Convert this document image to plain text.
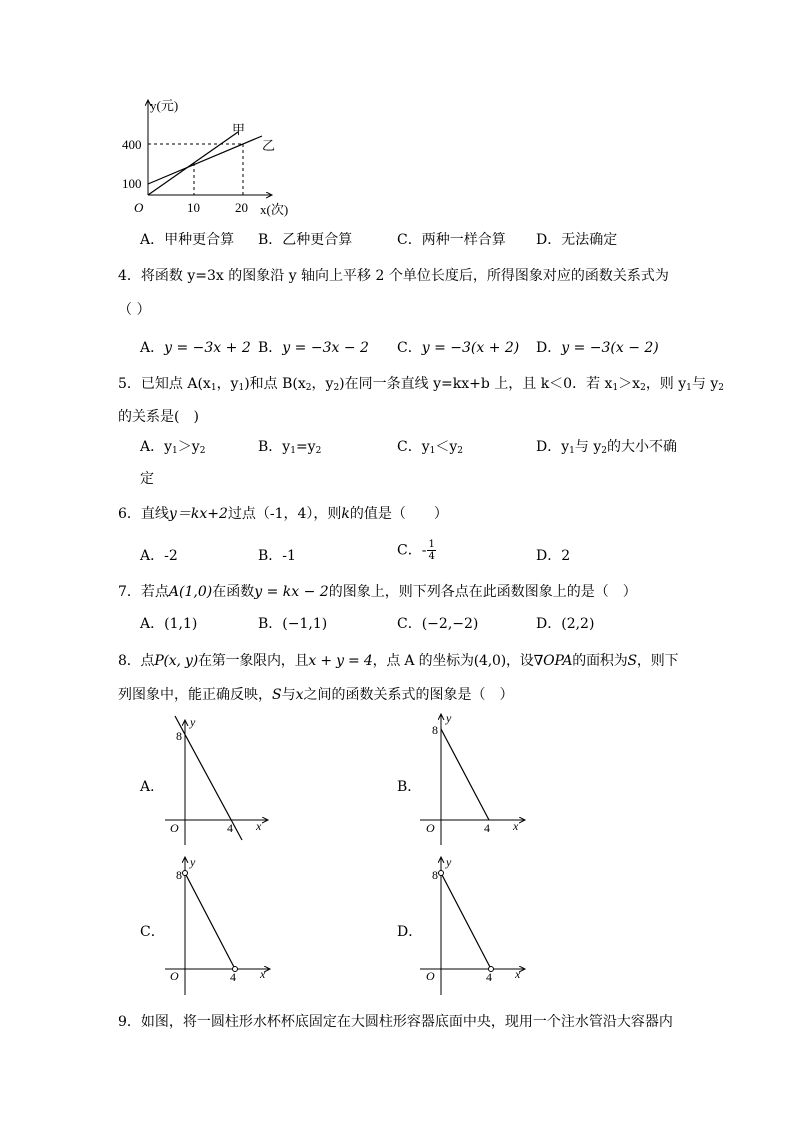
y(元)
甲
乙
400
100
O	10	20 x(次)
A．甲种更合算 B．乙种更合算	C．两种一样合算 D．无法确定
4．将函数 y=3x 的图象沿 y 轴向上平移 2 个单位长度后，所得图象对应的函数关系式为
（ ）
A．y = −3x + 2 B．y = −3x − 2 C．y = −3(x + 2) D．y = −3(x − 2)
5．已知点 $A(x_1$，$y_1$)和点 $B(x_2$，$y_2$)在同一条直线 y=kx+b 上，且 k＜0．若 $x_1>x_2$，则 $y_1$与 $y_2$
的关系是(　)
A．$y_1>y_2$	B．$y_1=y_2$	C．$y_1<y_2$	D．$y_1$与 $y_2$的大小不确
定
6．直线y＝kx+2过点（-1，4），则k的值是（　　）
A．-2	B．-1	C．- $\frac{1}{4}$	D．2
7．若点A(1,0)在函数y = kx − 2的图象上，则下列各点在此函数图象上的是（　）
A．(1,1)	B．(−1,1)	C．(−2,−2)	D．(2,2)
8．点P(x, y)在第一象限内，且x + y = 4，点 A 的坐标为(4,0)，设∇OPA的面积为S，则下
列图象中，能正确反映，S与x之间的函数关系式的图象是（　）
A．	B．
C．	D．
y
8
O	4 x
y
8
O	4 x
y
8
O	4 x
y
8
O	4 x
9．如图，将一圆柱形水杯杯底固定在大圆柱形容器底面中央，现用一个注水管沿大容器内
